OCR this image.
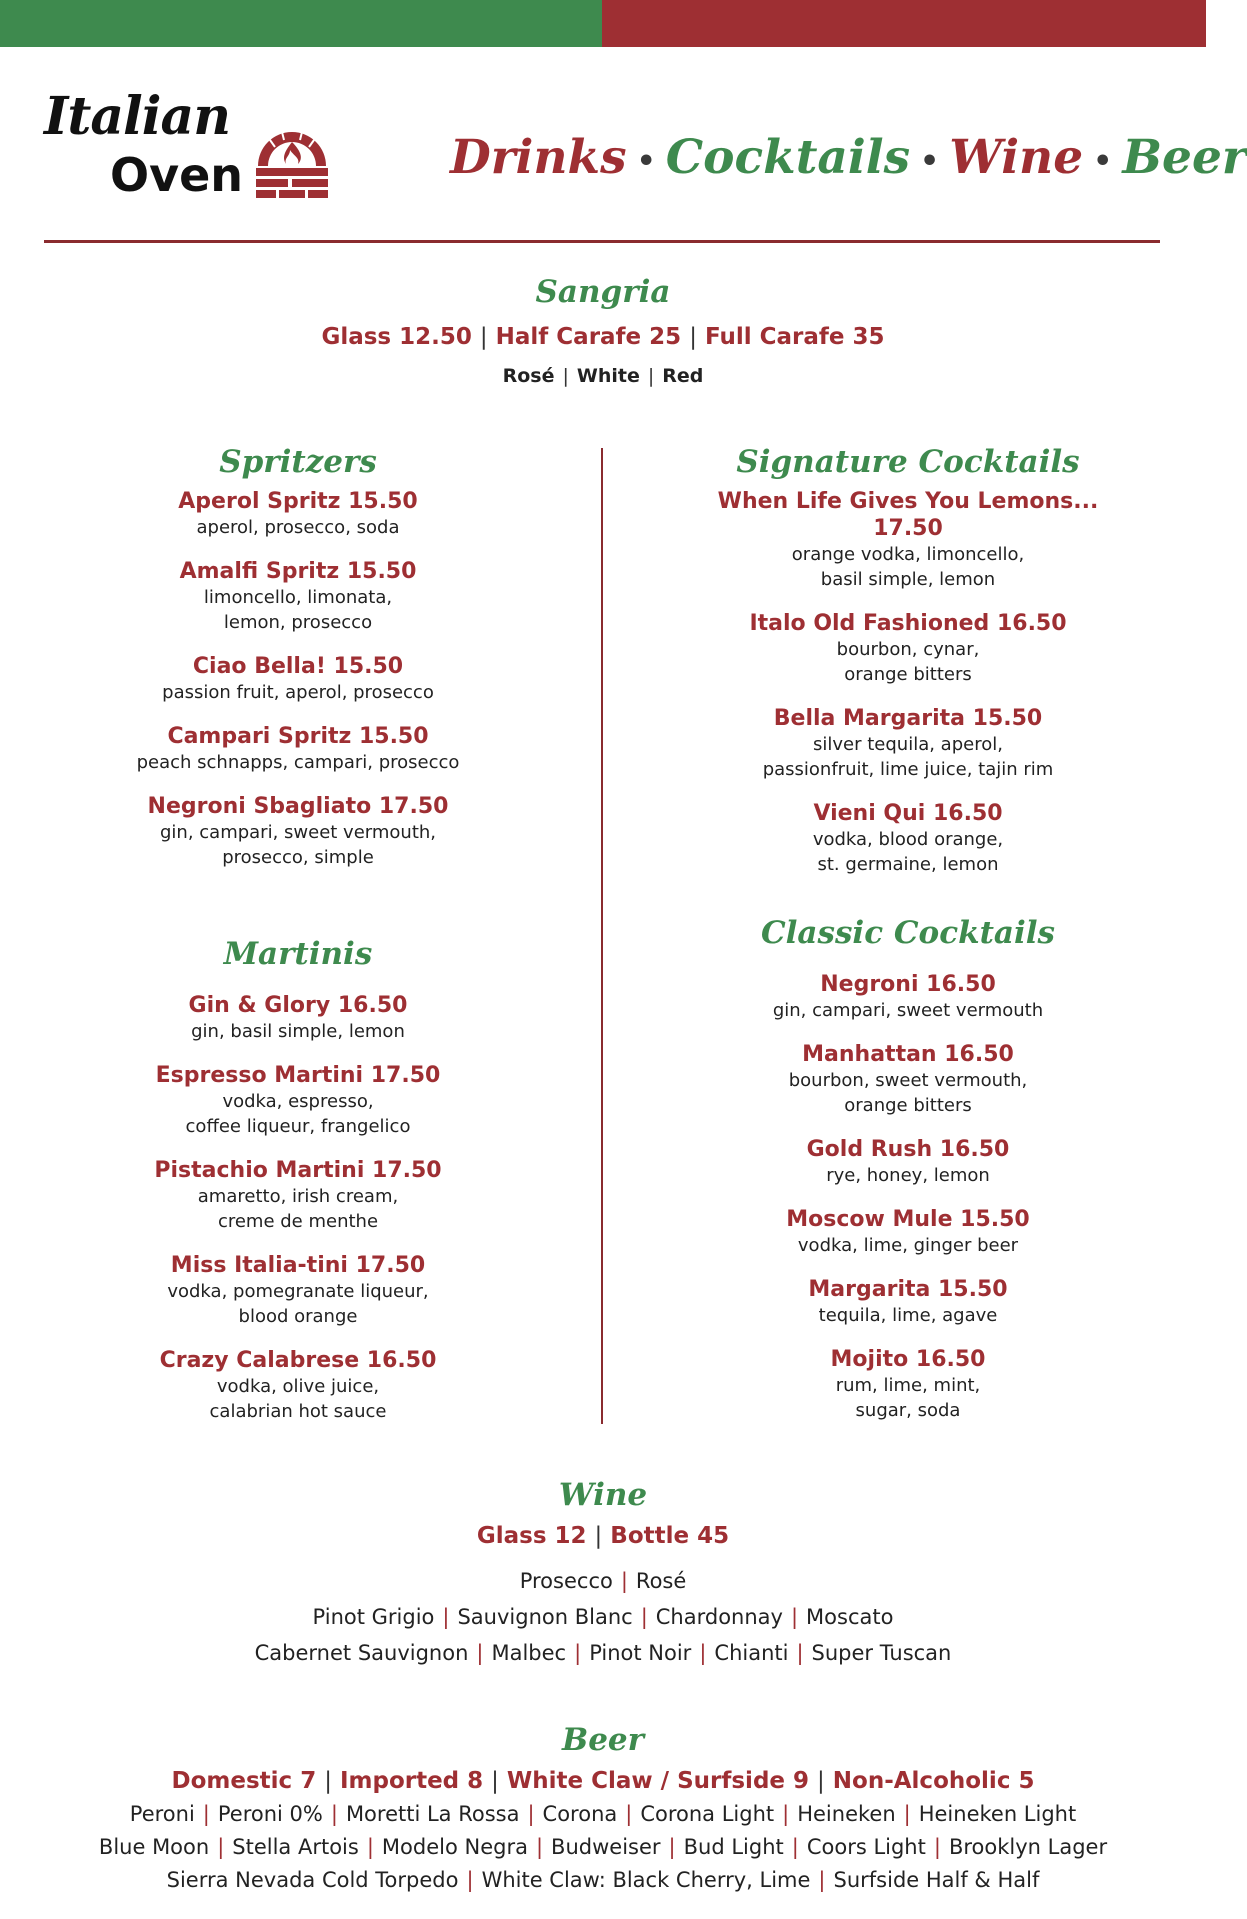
Italian
Oven	Drinks • Cocktails • Wine • Beer
Sangria
Glass 12.50 | Half Carafe 25 | Full Carafe 35
Rosé | White | Red
Spritzers
Aperol Spritz 15.50
aperol, prosecco, soda
Amalfi Spritz 15.50
limoncello, limonata,
lemon, prosecco
Ciao Bella! 15.50
passion fruit, aperol, prosecco
Campari Spritz 15.50
peach schnapps, campari, prosecco
Negroni Sbagliato 17.50
gin, campari, sweet vermouth,
prosecco, simple
Martinis
Gin & Glory 16.50
gin, basil simple, lemon
Espresso Martini 17.50
vodka, espresso,
coffee liqueur, frangelico
Pistachio Martini 17.50
amaretto, irish cream,
creme de menthe
Miss Italia-tini 17.50
vodka, pomegranate liqueur,
blood orange
Crazy Calabrese 16.50
vodka, olive juice,
calabrian hot sauce
Signature Cocktails
When Life Gives You Lemons... 17.50
orange vodka, limoncello,
basil simple, lemon
Italo Old Fashioned 16.50
bourbon, cynar,
orange bitters
Bella Margarita 15.50
silver tequila, aperol,
passionfruit, lime juice, tajin rim
Vieni Qui 16.50
vodka, blood orange,
st. germaine, lemon
Classic Cocktails
Negroni 16.50
gin, campari, sweet vermouth
Manhattan 16.50
bourbon, sweet vermouth,
orange bitters
Gold Rush 16.50
rye, honey, lemon
Moscow Mule 15.50
vodka, lime, ginger beer
Margarita 15.50
tequila, lime, agave
Mojito 16.50
rum, lime, mint,
sugar, soda
Wine
Glass 12 | Bottle 45
Prosecco | Rosé
Pinot Grigio | Sauvignon Blanc | Chardonnay | Moscato
Cabernet Sauvignon | Malbec | Pinot Noir | Chianti | Super Tuscan
Beer
Domestic 7 | Imported 8 | White Claw / Surfside 9 | Non-Alcoholic 5
Peroni | Peroni 0% | Moretti La Rossa | Corona | Corona Light | Heineken | Heineken Light
Blue Moon | Stella Artois | Modelo Negra | Budweiser | Bud Light | Coors Light | Brooklyn Lager
Sierra Nevada Cold Torpedo | White Claw: Black Cherry, Lime | Surfside Half & Half
